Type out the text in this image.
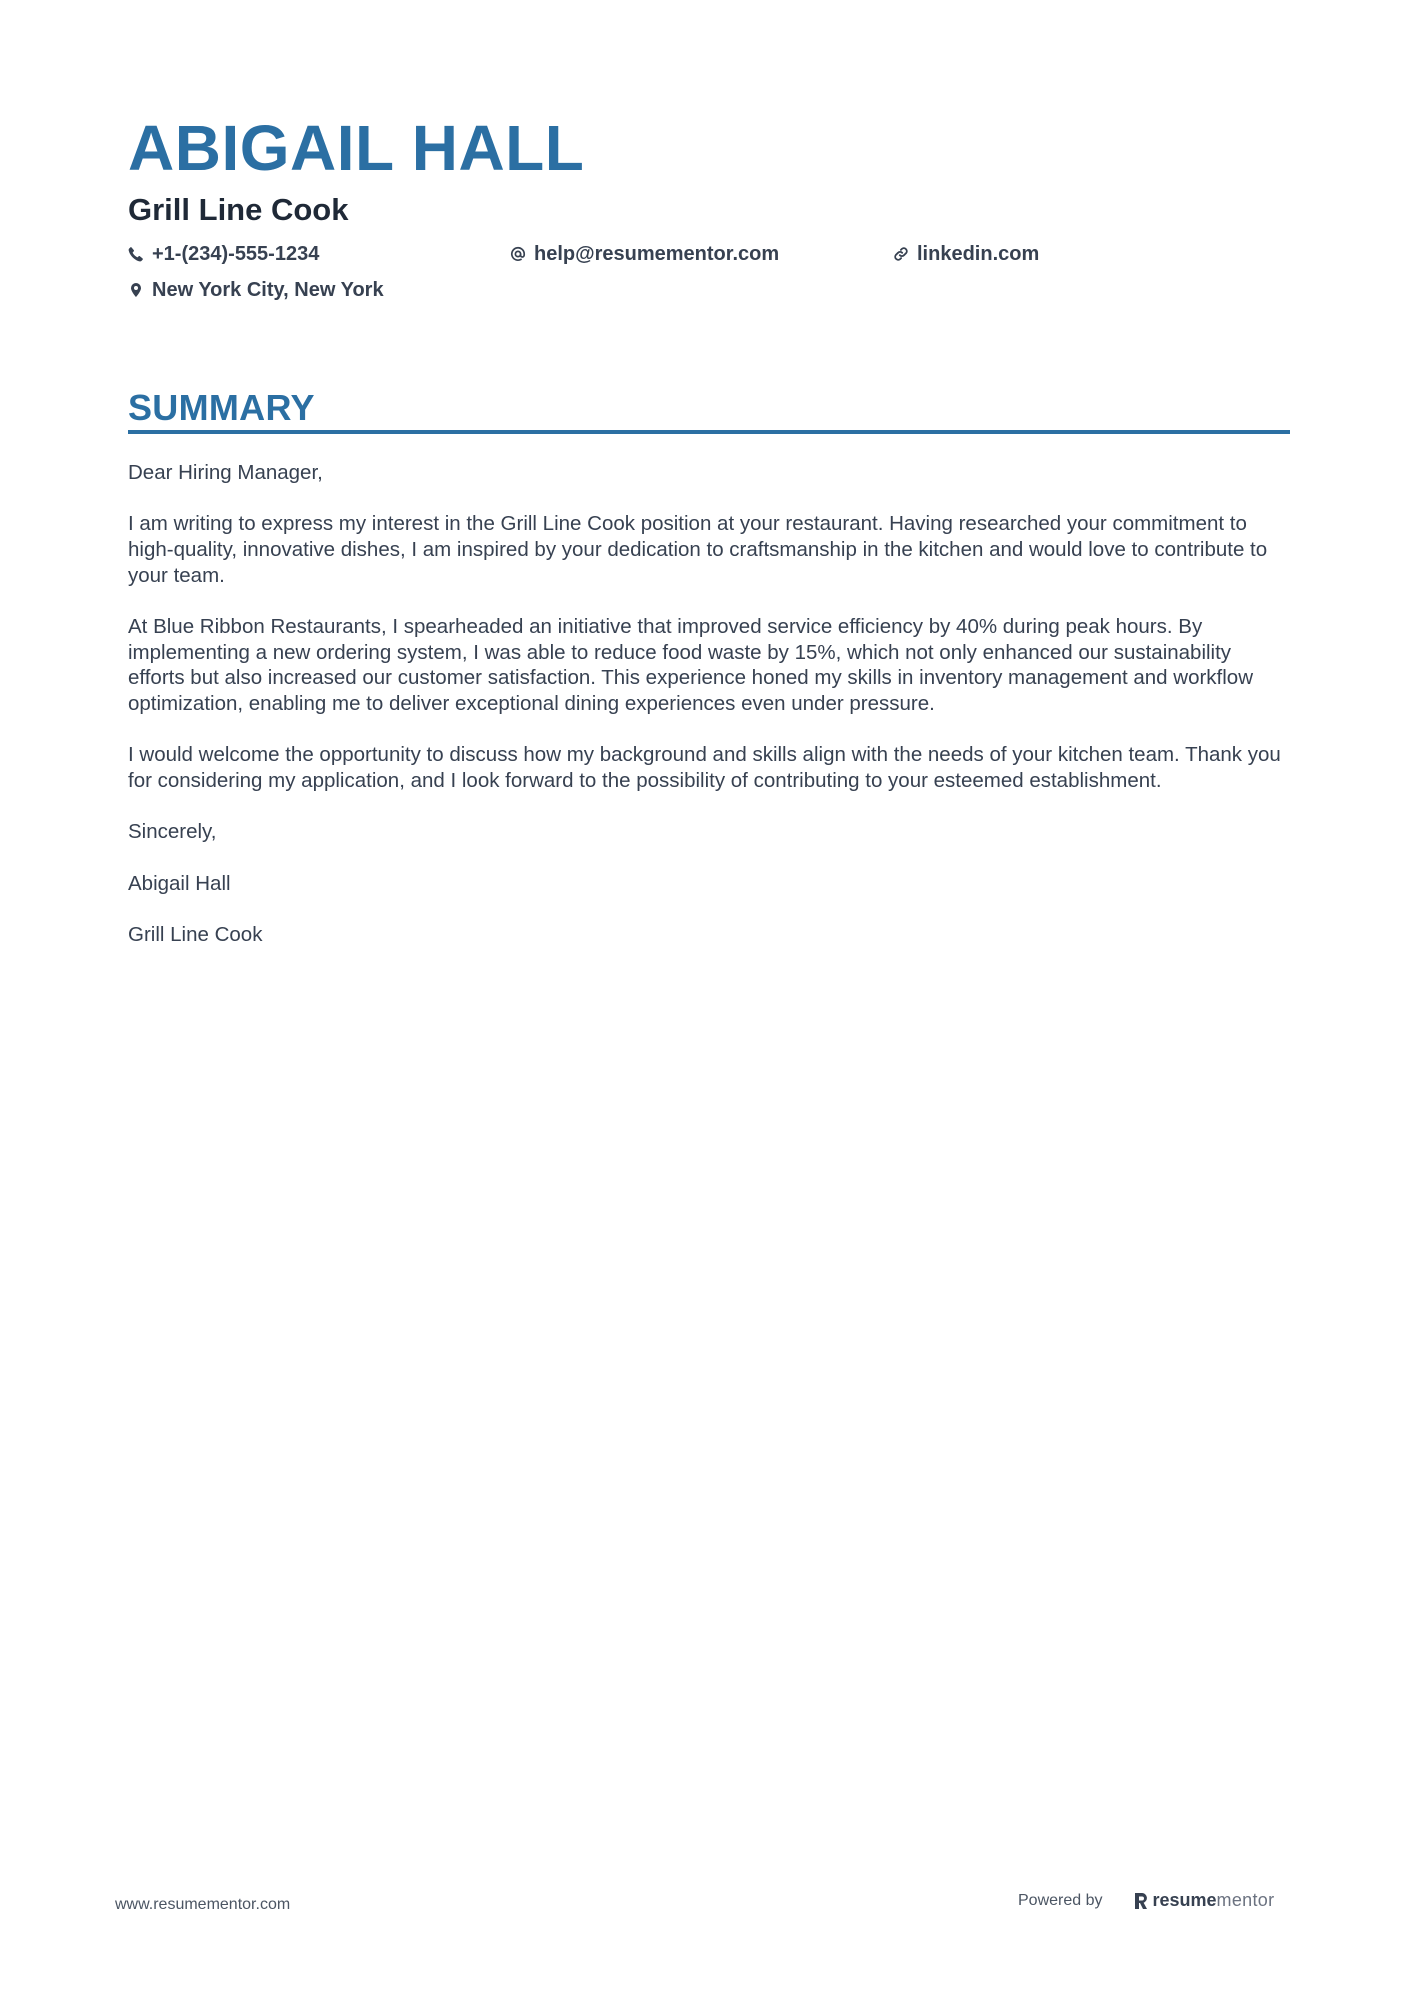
ABIGAIL HALL
Grill Line Cook
+1-(234)-555-1234	help@resumementor.com	linkedin.com
New York City, New York
SUMMARY

Dear Hiring Manager,

I am writing to express my interest in the Grill Line Cook position at your restaurant. Having researched your commitment to high-quality, innovative dishes, I am inspired by your dedication to craftsmanship in the kitchen and would love to contribute to your team.

At Blue Ribbon Restaurants, I spearheaded an initiative that improved service efficiency by 40% during peak hours. By implementing a new ordering system, I was able to reduce food waste by 15%, which not only enhanced our sustainability efforts but also increased our customer satisfaction. This experience honed my skills in inventory management and workflow optimization, enabling me to deliver exceptional dining experiences even under pressure.

I would welcome the opportunity to discuss how my background and skills align with the needs of your kitchen team. Thank you for considering my application, and I look forward to the possibility of contributing to your esteemed establishment.

Sincerely,

Abigail Hall

Grill Line Cook

www.resumementor.com	Powered by	resume mentor
